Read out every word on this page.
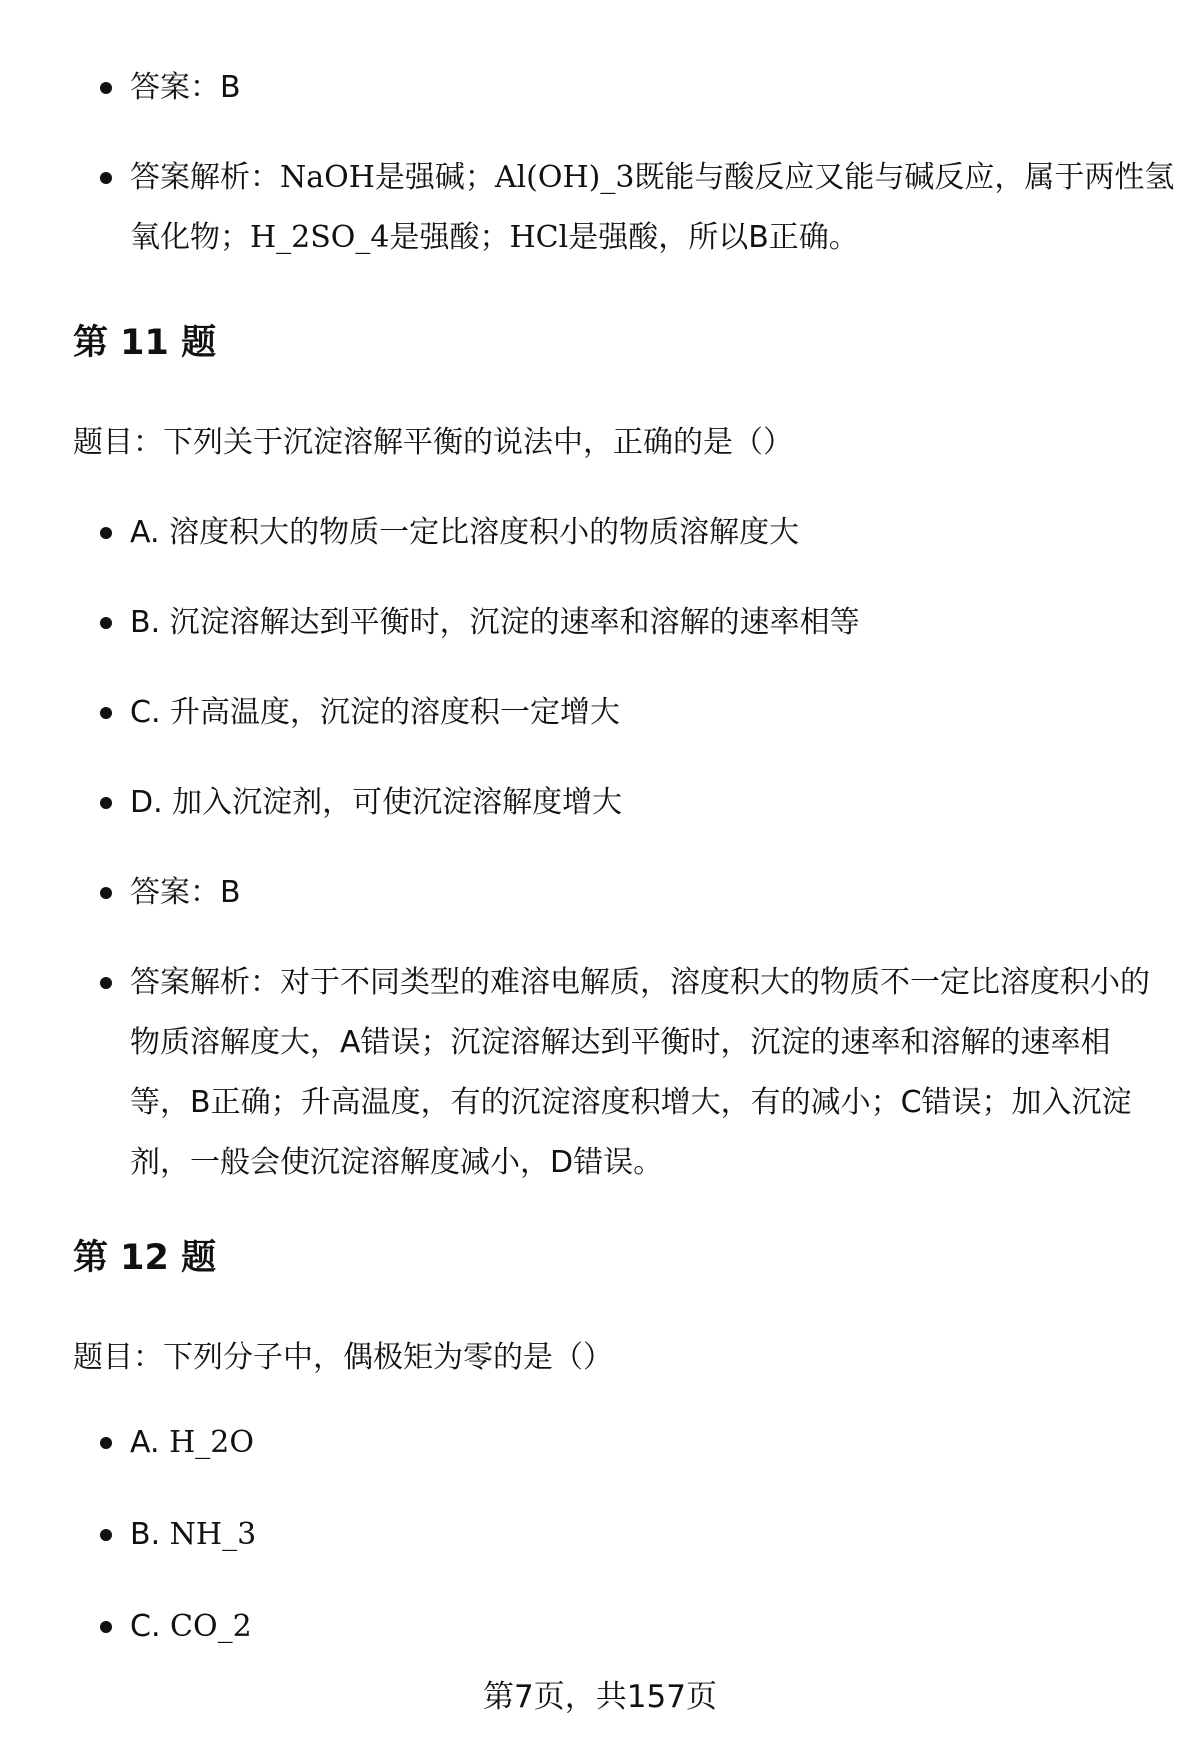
答案：B
答案解析：NaOH是强碱；Al(OH)_3既能与酸反应又能与碱反应，属于两性氢
氧化物；H_2SO_4是强酸；HCl是强酸，所以B正确。
第 11 题
题目：下列关于沉淀溶解平衡的说法中，正确的是（）
A. 溶度积大的物质一定比溶度积小的物质溶解度大
B. 沉淀溶解达到平衡时，沉淀的速率和溶解的速率相等
C. 升高温度，沉淀的溶度积一定增大
D. 加入沉淀剂，可使沉淀溶解度增大
答案：B
答案解析：对于不同类型的难溶电解质，溶度积大的物质不一定比溶度积小的
物质溶解度大，A错误；沉淀溶解达到平衡时，沉淀的速率和溶解的速率相
等，B正确；升高温度，有的沉淀溶度积增大，有的减小；C错误；加入沉淀
剂，一般会使沉淀溶解度减小，D错误。
第 12 题
题目：下列分子中，偶极矩为零的是（）
A. H_2O
B. NH_3
C. CO_2
第7页，共157页
